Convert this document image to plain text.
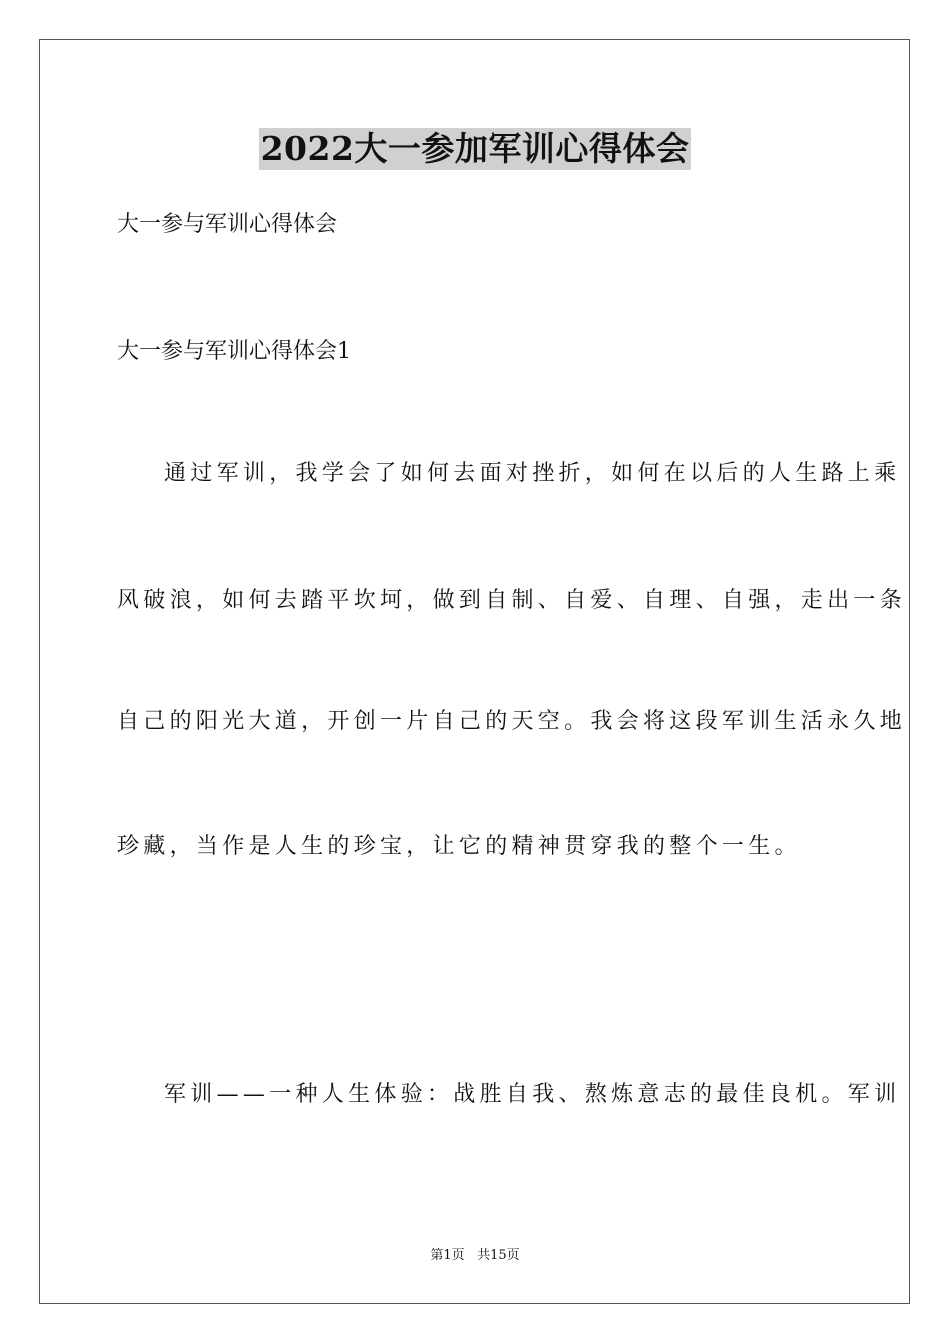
2022大一参加军训心得体会
大一参与军训心得体会
大一参与军训心得体会1
通过军训，我学会了如何去面对挫折，如何在以后的人生路上乘
风破浪，如何去踏平坎坷，做到自制、自爱、自理、自强，走出一条
自己的阳光大道，开创一片自己的天空。我会将这段军训生活永久地
珍藏，当作是人生的珍宝，让它的精神贯穿我的整个一生。
军训——一种人生体验：战胜自我、熬炼意志的最佳良机。军训
第1页 共15页
